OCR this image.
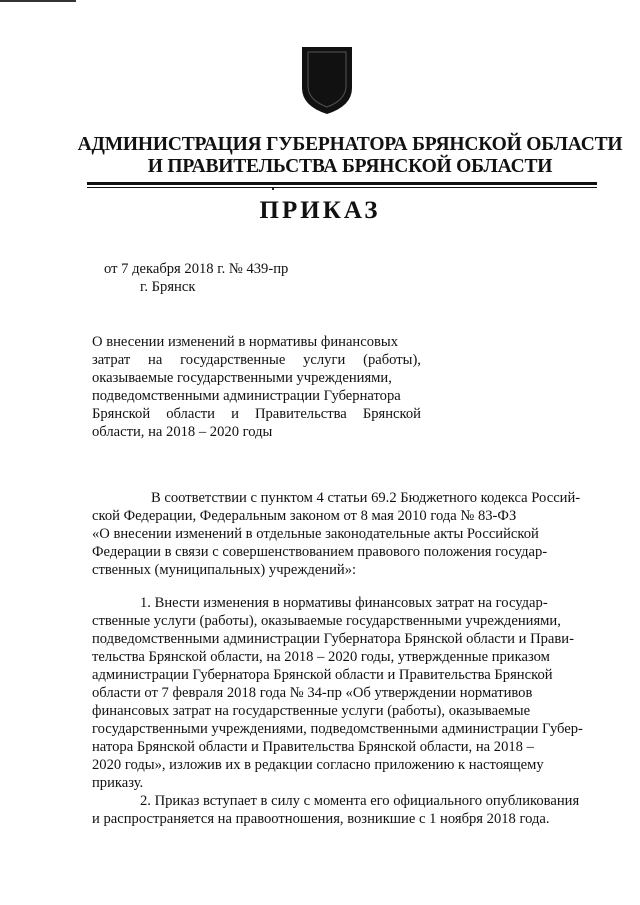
АДМИНИСТРАЦИЯ ГУБЕРНАТОРА БРЯНСКОЙ ОБЛАСТИ
И ПРАВИТЕЛЬСТВА БРЯНСКОЙ ОБЛАСТИ
ПРИКАЗ
от 7 декабря 2018 г. № 439-пр
г. Брянск
О внесении изменений в нормативы финансовых
затрат на государственные услуги (работы),
оказываемые государственными учреждениями,
подведомственными администрации Губернатора
Брянской области и Правительства Брянской
области, на 2018 – 2020 годы
В соответствии с пунктом 4 статьи 69.2 Бюджетного кодекса Россий-
ской Федерации, Федеральным законом от 8 мая 2010 года № 83-ФЗ
«О внесении изменений в отдельные законодательные акты Российской
Федерации в связи с совершенствованием правового положения государ-
ственных (муниципальных) учреждений»:
1. Внести изменения в нормативы финансовых затрат на государ-
ственные услуги (работы), оказываемые государственными учреждениями,
подведомственными администрации Губернатора Брянской области и Прави-
тельства Брянской области, на 2018 – 2020 годы, утвержденные приказом
администрации Губернатора Брянской области и Правительства Брянской
области от 7 февраля 2018 года № 34-пр «Об утверждении нормативов
финансовых затрат на государственные услуги (работы), оказываемые
государственными учреждениями, подведомственными администрации Губер-
натора Брянской области и Правительства Брянской области, на 2018 –
2020 годы», изложив их в редакции согласно приложению к настоящему
приказу.
2. Приказ вступает в силу с момента его официального опубликования
и распространяется на правоотношения, возникшие с 1 ноября 2018 года.
